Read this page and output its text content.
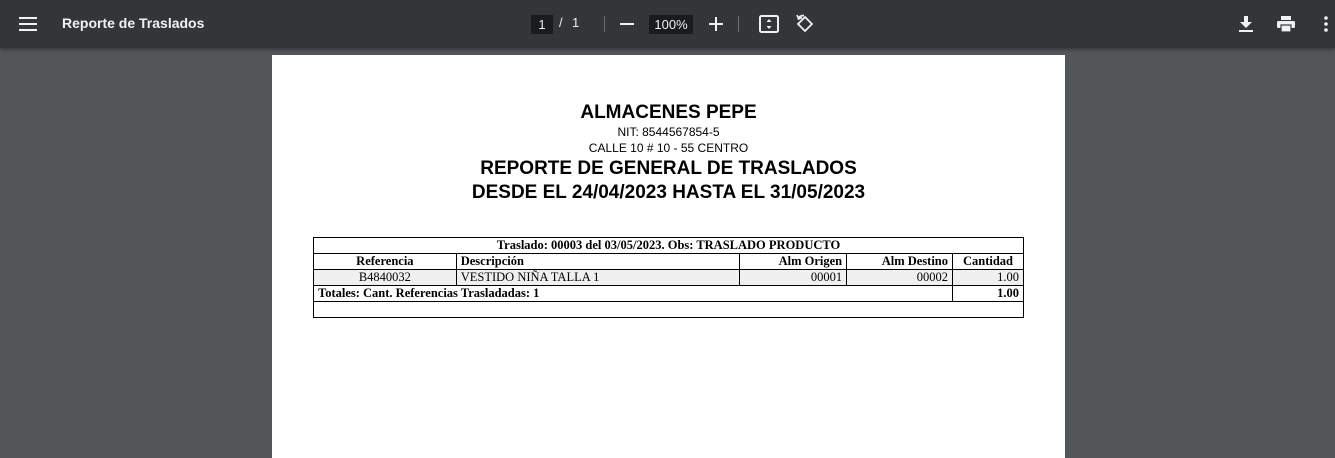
Reporte de Traslados	1	/ 1	100%
ALMACENES PEPE
NIT: 8544567854-5
CALLE 10 # 10 - 55 CENTRO
REPORTE DE GENERAL DE TRASLADOS
DESDE EL 24/04/2023 HASTA EL 31/05/2023
Traslado: 00003 del 03/05/2023. Obs: TRASLADO PRODUCTO				
Referencia	Descripción	Alm Origen	Alm Destino	Cantidad
B4840032	VESTIDO NIÑA TALLA 1	00001	00002	1.00
Totales: Cant. Referencias Trasladadas: 1				1.00
